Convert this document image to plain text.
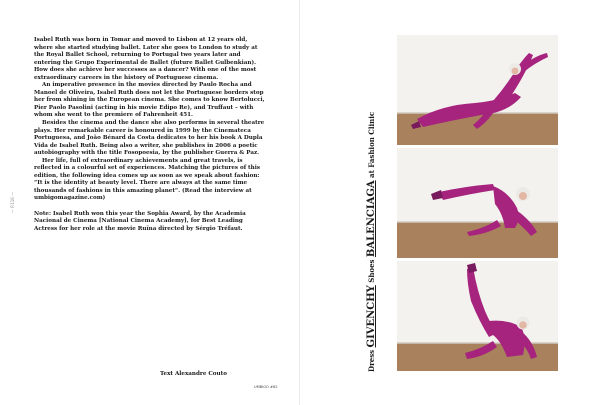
Isabel Ruth was born in Tomar and moved to Lisbon at 12 years old, where she started studying ballet. Later she goes to London to study at the Royal Ballet School, returning to Portugal two years later and entering the Grupo Experimental de Ballet (future Ballet Gulbenkian). How does she achieve her successes as a dancer? With one of the most extraordinary careers in the history of Portuguese cinema.

An imperative presence in the movies directed by Paulo Rocha and Manoel de Oliveira, Isabel Ruth does not let the Portuguese borders stop her from shining in the European cinema. She comes to know Bertolucci, Pier Paolo Pasolini (acting in his movie Edipo Re), and Truffaut – with whom she went to the premiere of Fahrenheit 451.

Besides the cinema and the dance she also performs in several theatre plays. Her remarkable career is honoured in 1999 by the Cinemateca Portuguesa, and João Bénard da Costa dedicates to her his book A Dupla Vida de Isabel Ruth. Being also a writer, she publishes in 2006 a poetic autobiography with the title Fosopoesia, by the publisher Guerra & Paz.

Her life, full of extraordinary achievements and great travels, is reflected in a colourful set of experiences. Matching the pictures of this edition, the following idea comes up as soon as we speak about fashion: “It is the identity at beauty level. There are always at the same time thousands of fashions in this amazing planet”. (Read the interview at umbigomagazine.com)

Note: Isabel Ruth won this year the Sophia Award, by the Academia Nacional de Cinema [National Cinema Academy], for Best Leading Actress for her role at the movie Ruïna directed by Sérgio Tréfaut.

Text Alexandre Couto
UMBIGO #62
— P.116 —
Dress GIVENCHY Shoes BALENCIAGA at Fashion Clinic
